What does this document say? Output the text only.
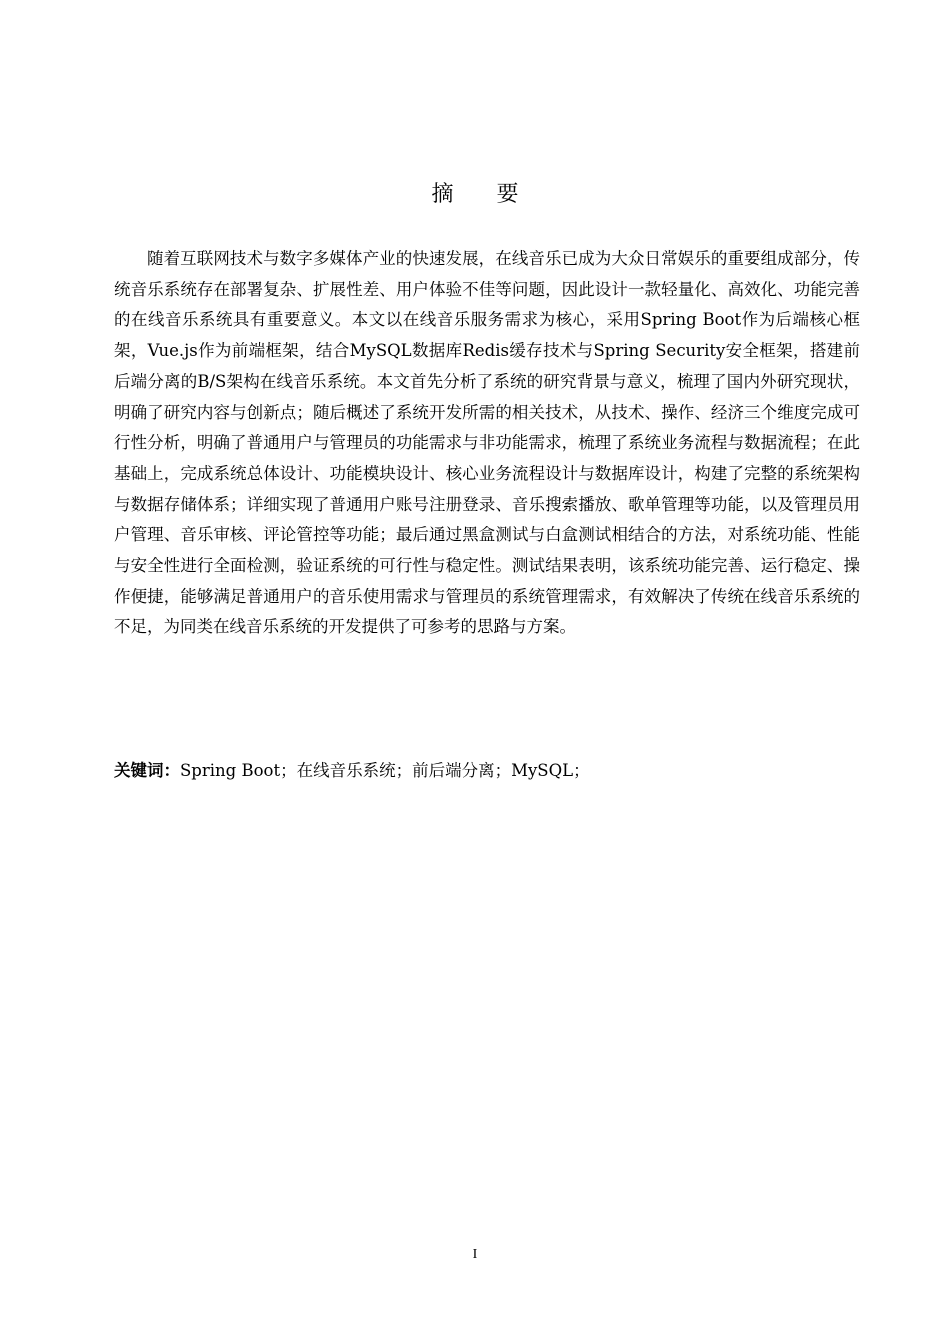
摘 要

随着互联网技术与数字多媒体产业的快速发展，在线音乐已成为大众日常娱乐的重要组成部分，传统音乐系统存在部署复杂、扩展性差、用户体验不佳等问题，因此设计一款轻量化、高效化、功能完善的在线音乐系统具有重要意义。本文以在线音乐服务需求为核心，采用Spring Boot作为后端核心框架，Vue.js作为前端框架，结合MySQL数据库Redis缓存技术与Spring Security安全框架，搭建前后端分离的B/S架构在线音乐系统。本文首先分析了系统的研究背景与意义，梳理了国内外研究现状，明确了研究内容与创新点；随后概述了系统开发所需的相关技术，从技术、操作、经济三个维度完成可行性分析，明确了普通用户与管理员的功能需求与非功能需求，梳理了系统业务流程与数据流程；在此基础上，完成系统总体设计、功能模块设计、核心业务流程设计与数据库设计，构建了完整的系统架构与数据存储体系；详细实现了普通用户账号注册登录、音乐搜索播放、歌单管理等功能，以及管理员用户管理、音乐审核、评论管控等功能；最后通过黑盒测试与白盒测试相结合的方法，对系统功能、性能与安全性进行全面检测，验证系统的可行性与稳定性。测试结果表明，该系统功能完善、运行稳定、操作便捷，能够满足普通用户的音乐使用需求与管理员的系统管理需求，有效解决了传统在线音乐系统的不足，为同类在线音乐系统的开发提供了可参考的思路与方案。

关键词：Spring Boot；在线音乐系统；前后端分离；MySQL；
I
